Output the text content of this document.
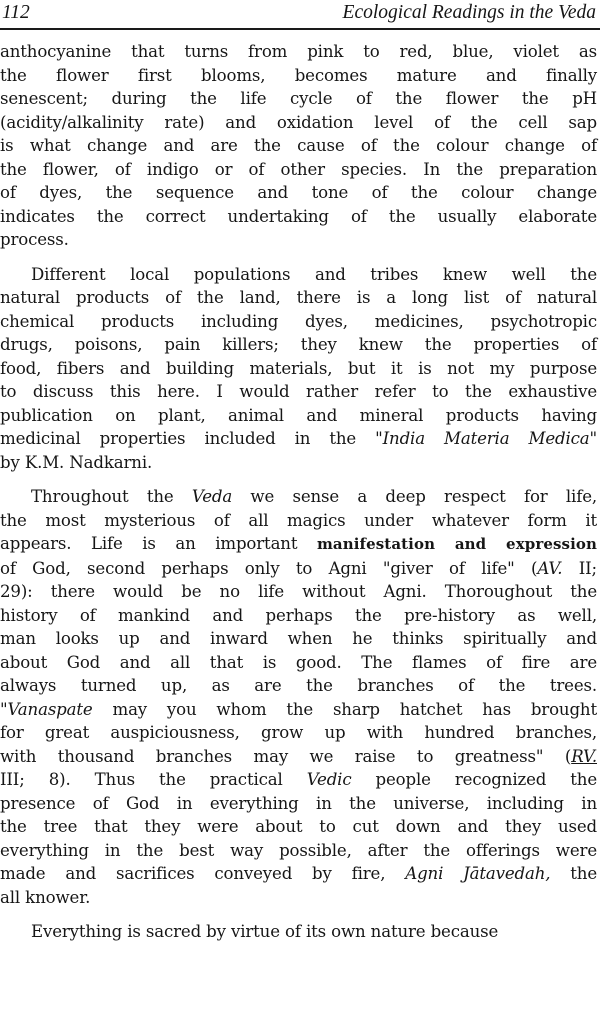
112	Ecological Readings in the Veda
anthocyanine that turns from pink to red, blue, violet as
the flower first blooms, becomes mature and finally
senescent; during the life cycle of the flower the pH
(acidity/alkalinity rate) and oxidation level of the cell sap
is what change and are the cause of the colour change of
the flower, of indigo or of other species. In the preparation
of dyes, the sequence and tone of the colour change
indicates the correct undertaking of the usually elaborate
process.
Different local populations and tribes knew well the
natural products of the land, there is a long list of natural
chemical products including dyes, medicines, psychotropic
drugs, poisons, pain killers; they knew the properties of
food, fibers and building materials, but it is not my purpose
to discuss this here. I would rather refer to the exhaustive
publication on plant, animal and mineral products having
medicinal properties included in the "India Materia Medica"
by K.M. Nadkarni.
Throughout the Veda we sense a deep respect for life,
the most mysterious of all magics under whatever form it
appears. Life is an important manifestation and expression
of God, second perhaps only to Agni "giver of life" (AV. II;
29): there would be no life without Agni. Thoroughout the
history of mankind and perhaps the pre-history as well,
man looks up and inward when he thinks spiritually and
about God and all that is good. The flames of fire are
always turned up, as are the branches of the trees.
"Vanaspate may you whom the sharp hatchet has brought
for great auspiciousness, grow up with hundred branches,
with thousand branches may we raise to greatness" (RV.
III; 8). Thus the practical Vedic people recognized the
presence of God in everything in the universe, including in
the tree that they were about to cut down and they used
everything in the best way possible, after the offerings were
made and sacrifices conveyed by fire, Agni Jātavedah, the
all knower.
Everything is sacred by virtue of its own nature because
